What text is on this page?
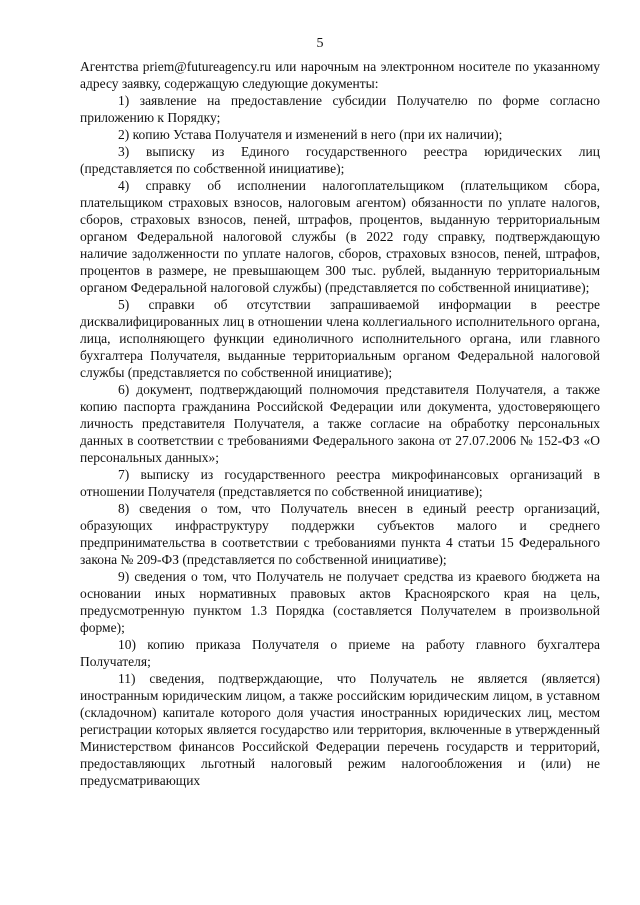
5

Агентства priem@futureagency.ru или нарочным на электронном носителе по указанному адресу заявку, содержащую следующие документы:

1) заявление на предоставление субсидии Получателю по форме согласно приложению к Порядку;

2) копию Устава Получателя и изменений в него (при их наличии);

3) выписку из Единого государственного реестра юридических лиц (представляется по собственной инициативе);

4) справку об исполнении налогоплательщиком (плательщиком сбора, плательщиком страховых взносов, налоговым агентом) обязанности по уплате налогов, сборов, страховых взносов, пеней, штрафов, процентов, выданную территориальным органом Федеральной налоговой службы (в 2022 году справку, подтверждающую наличие задолженности по уплате налогов, сборов, страховых взносов, пеней, штрафов, процентов в размере, не превышающем 300 тыс. рублей, выданную территориальным органом Федеральной налоговой службы) (представляется по собственной инициативе);

5) справки об отсутствии запрашиваемой информации в реестре дисквалифицированных лиц в отношении члена коллегиального исполнительного органа, лица, исполняющего функции единоличного исполнительного органа, или главного бухгалтера Получателя, выданные территориальным органом Федеральной налоговой службы (представляется по собственной инициативе);

6) документ, подтверждающий полномочия представителя Получателя, а также копию паспорта гражданина Российской Федерации или документа, удостоверяющего личность представителя Получателя, а также согласие на обработку персональных данных в соответствии с требованиями Федерального закона от 27.07.2006 № 152-ФЗ «О персональных данных»;

7) выписку из государственного реестра микрофинансовых организаций в отношении Получателя (представляется по собственной инициативе);

8) сведения о том, что Получатель внесен в единый реестр организаций, образующих инфраструктуру поддержки субъектов малого и среднего предпринимательства в соответствии с требованиями пункта 4 статьи 15 Федерального закона № 209-ФЗ (представляется по собственной инициативе);

9) сведения о том, что Получатель не получает средства из краевого бюджета на основании иных нормативных правовых актов Красноярского края на цель, предусмотренную пунктом 1.3 Порядка (составляется Получателем в произвольной форме);

10) копию приказа Получателя о приеме на работу главного бухгалтера Получателя;

11) сведения, подтверждающие, что Получатель не является (является) иностранным юридическим лицом, а также российским юридическим лицом, в уставном (складочном) капитале которого доля участия иностранных юридических лиц, местом регистрации которых является государство или территория, включенные в утвержденный Министерством финансов Российской Федерации перечень государств и территорий, предоставляющих льготный налоговый режим налогообложения и (или) не предусматривающих
